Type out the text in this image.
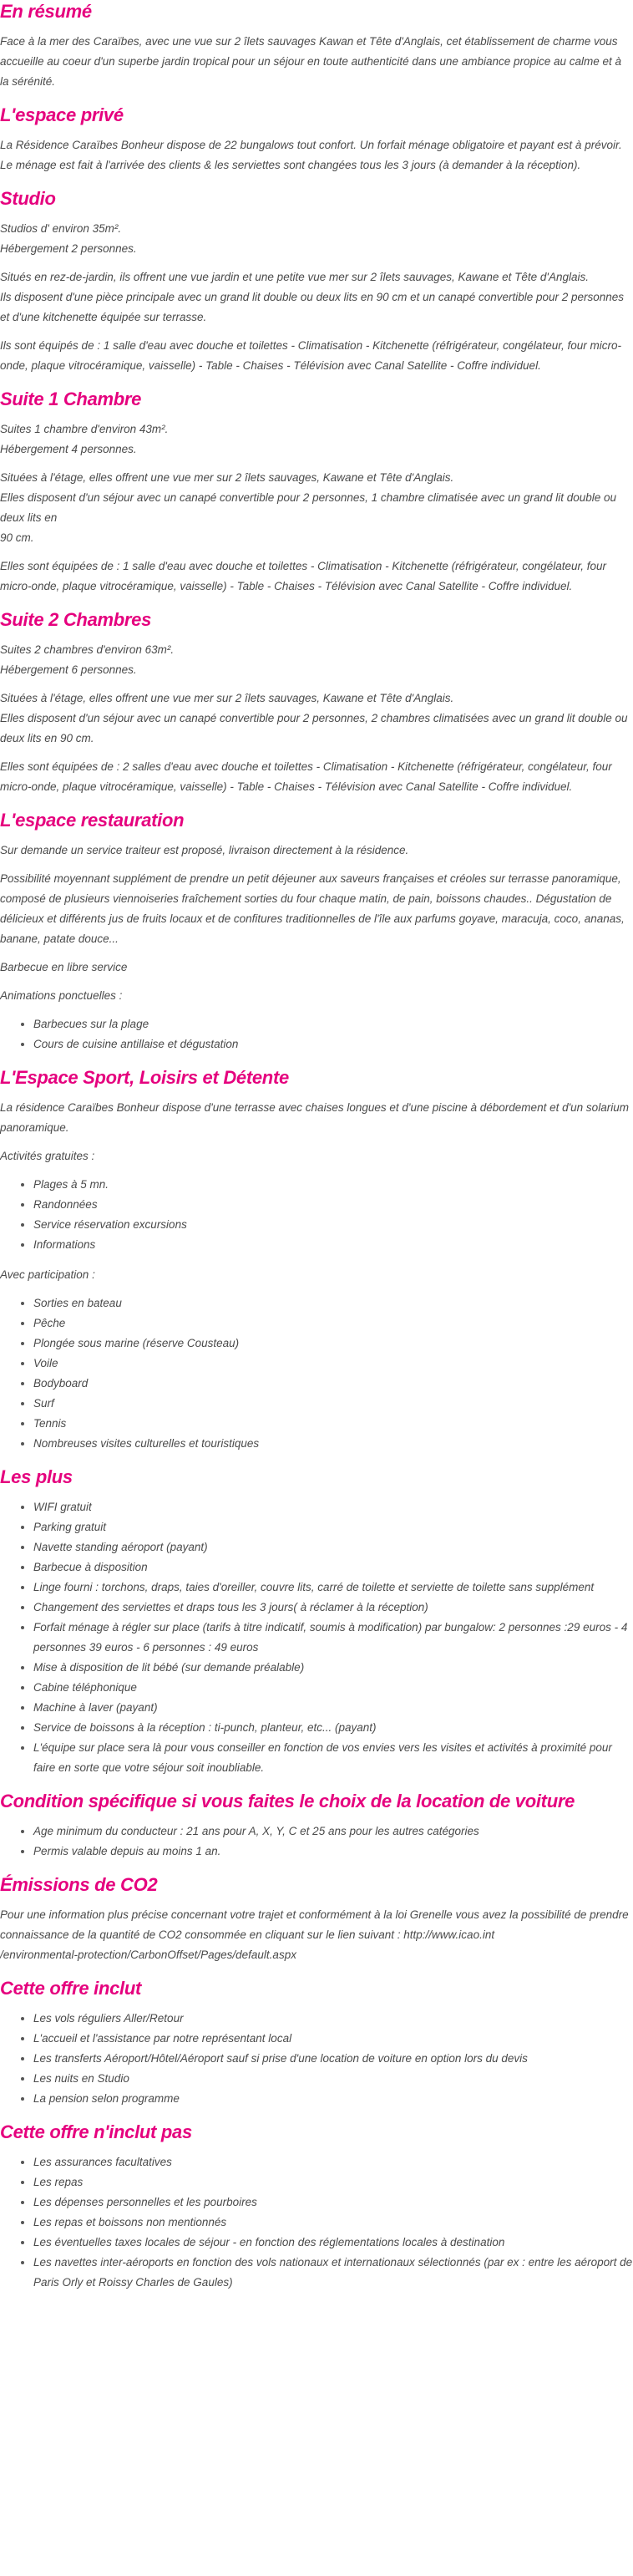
En résumé

Face à la mer des Caraïbes, avec une vue sur 2 îlets sauvages Kawan et Tête d'Anglais, cet établissement de charme vous accueille au coeur d'un superbe jardin tropical pour un séjour en toute authenticité dans une ambiance propice au calme et à la sérénité.

L'espace privé

La Résidence Caraïbes Bonheur dispose de 22 bungalows tout confort. Un forfait ménage obligatoire et payant est à prévoir. Le ménage est fait à l'arrivée des clients & les serviettes sont changées tous les 3 jours (à demander à la réception).

Studio

Studios d' environ 35m².
Hébergement 2 personnes.

Situés en rez-de-jardin, ils offrent une vue jardin et une petite vue mer sur 2 îlets sauvages, Kawane et Tête d'Anglais.
Ils disposent d'une pièce principale avec un grand lit double ou deux lits en 90 cm et un canapé convertible pour 2 personnes et d'une kitchenette équipée sur terrasse.

Ils sont équipés de : 1 salle d'eau avec douche et toilettes - Climatisation - Kitchenette (réfrigérateur, congélateur, four micro-onde, plaque vitrocéramique, vaisselle) - Table - Chaises - Télévision avec Canal Satellite - Coffre individuel.

Suite 1 Chambre

Suites 1 chambre d'environ 43m².
Hébergement 4 personnes.

Situées à l'étage, elles offrent une vue mer sur 2 îlets sauvages, Kawane et Tête d'Anglais.
Elles disposent d'un séjour avec un canapé convertible pour 2 personnes, 1 chambre climatisée avec un grand lit double ou deux lits en
90 cm.

Elles sont équipées de : 1 salle d'eau avec douche et toilettes - Climatisation - Kitchenette (réfrigérateur, congélateur, four micro-onde, plaque vitrocéramique, vaisselle) - Table - Chaises - Télévision avec Canal Satellite - Coffre individuel.

Suite 2 Chambres

Suites 2 chambres d'environ 63m².
Hébergement 6 personnes.

Situées à l'étage, elles offrent une vue mer sur 2 îlets sauvages, Kawane et Tête d'Anglais.
Elles disposent d'un séjour avec un canapé convertible pour 2 personnes, 2 chambres climatisées avec un grand lit double ou deux lits en 90 cm.

Elles sont équipées de : 2 salles d'eau avec douche et toilettes - Climatisation - Kitchenette (réfrigérateur, congélateur, four micro-onde, plaque vitrocéramique, vaisselle) - Table - Chaises - Télévision avec Canal Satellite - Coffre individuel.

L'espace restauration

Sur demande un service traiteur est proposé, livraison directement à la résidence.

Possibilité moyennant supplément de prendre un petit déjeuner aux saveurs françaises et créoles sur terrasse panoramique, composé de plusieurs viennoiseries fraîchement sorties du four chaque matin, de pain, boissons chaudes.. Dégustation de délicieux et différents jus de fruits locaux et de confitures traditionnelles de l'île aux parfums goyave, maracuja, coco, ananas, banane, patate douce...

Barbecue en libre service

Animations ponctuelles :

• Barbecues sur la plage
• Cours de cuisine antillaise et dégustation
L'Espace Sport, Loisirs et Détente

La résidence Caraïbes Bonheur dispose d'une terrasse avec chaises longues et d'une piscine à débordement et d'un solarium panoramique.

Activités gratuites :

• Plages à 5 mn.
• Randonnées
• Service réservation excursions
• Informations

Avec participation :

• Sorties en bateau
• Pêche
• Plongée sous marine (réserve Cousteau)
• Voile
• Bodyboard
• Surf
• Tennis
• Nombreuses visites culturelles et touristiques
Les plus
• WIFI gratuit
• Parking gratuit
• Navette standing aéroport (payant)
• Barbecue à disposition
• Linge fourni : torchons, draps, taies d'oreiller, couvre lits, carré de toilette et serviette de toilette sans supplément
• Changement des serviettes et draps tous les 3 jours( à réclamer à la réception)
• Forfait ménage à régler sur place (tarifs à titre indicatif, soumis à modification) par bungalow: 2 personnes :29 euros - 4 personnes 39 euros - 6 personnes : 49 euros
• Mise à disposition de lit bébé (sur demande préalable)
• Cabine téléphonique
• Machine à laver (payant)
• Service de boissons à la réception : ti-punch, planteur, etc... (payant)
• L'équipe sur place sera là pour vous conseiller en fonction de vos envies vers les visites et activités à proximité pour faire en sorte que votre séjour soit inoubliable.
Condition spécifique si vous faites le choix de la location de voiture
• Age minimum du conducteur : 21 ans pour A, X, Y, C et 25 ans pour les autres catégories
• Permis valable depuis au moins 1 an.
Émissions de CO2

Pour une information plus précise concernant votre trajet et conformément à la loi Grenelle vous avez la possibilité de prendre connaissance de la quantité de CO2 consommée en cliquant sur le lien suivant : http://www.icao.int
/environmental-protection/CarbonOffset/Pages/default.aspx

Cette offre inclut
• Les vols réguliers Aller/Retour
• L'accueil et l'assistance par notre représentant local
• Les transferts Aéroport/Hôtel/Aéroport sauf si prise d'une location de voiture en option lors du devis
• Les nuits en Studio
• La pension selon programme
Cette offre n'inclut pas
• Les assurances facultatives
• Les repas
• Les dépenses personnelles et les pourboires
• Les repas et boissons non mentionnés
• Les éventuelles taxes locales de séjour - en fonction des réglementations locales à destination
• Les navettes inter-aéroports en fonction des vols nationaux et internationaux sélectionnés (par ex : entre les aéroport de Paris Orly et Roissy Charles de Gaules)
